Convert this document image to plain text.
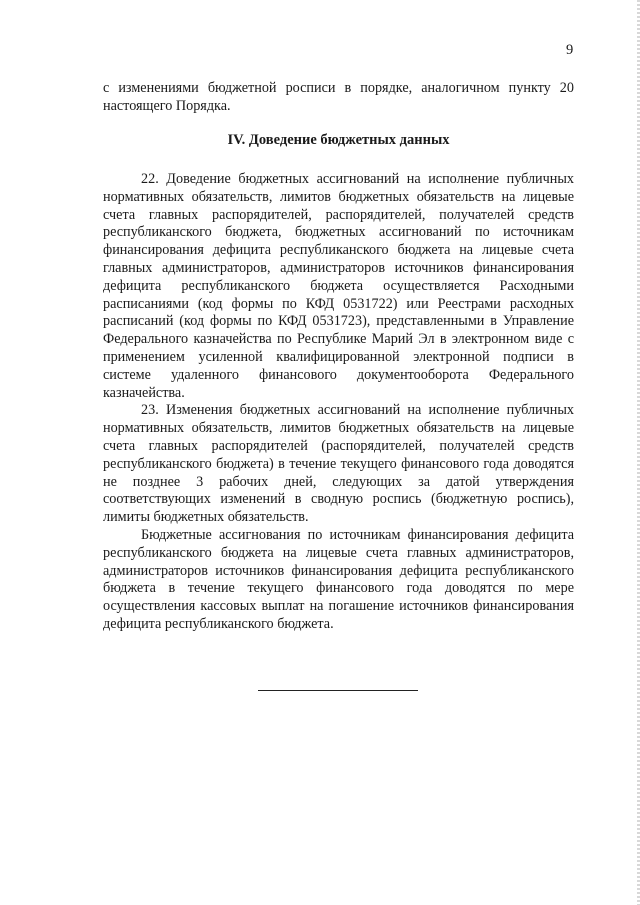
9

с изменениями бюджетной росписи в порядке, аналогичном пункту 20 настоящего Порядка.

IV. Доведение бюджетных данных

22. Доведение бюджетных ассигнований на исполнение публичных нормативных обязательств, лимитов бюджетных обязательств на лицевые счета главных распорядителей, распорядителей, получателей средств республиканского бюджета, бюджетных ассигнований по источникам финансирования дефицита республиканского бюджета на лицевые счета главных администраторов, администраторов источников финансирования дефицита республиканского бюджета осуществляется Расходными расписаниями (код формы по КФД 0531722) или Реестрами расходных расписаний (код формы по КФД 0531723), представленными в Управление Федерального казначейства по Республике Марий Эл в электронном виде с применением усиленной квалифицированной электронной подписи в системе удаленного финансового документооборота Федерального казначейства.

23. Изменения бюджетных ассигнований на исполнение публичных нормативных обязательств, лимитов бюджетных обязательств на лицевые счета главных распорядителей (распорядителей, получателей средств республиканского бюджета) в течение текущего финансового года доводятся не позднее 3 рабочих дней, следующих за датой утверждения соответствующих изменений в сводную роспись (бюджетную роспись), лимиты бюджетных обязательств.

Бюджетные ассигнования по источникам финансирования дефицита республиканского бюджета на лицевые счета главных администраторов, администраторов источников финансирования дефицита республиканского бюджета в течение текущего финансового года доводятся по мере осуществления кассовых выплат на погашение источников финансирования дефицита республиканского бюджета.
